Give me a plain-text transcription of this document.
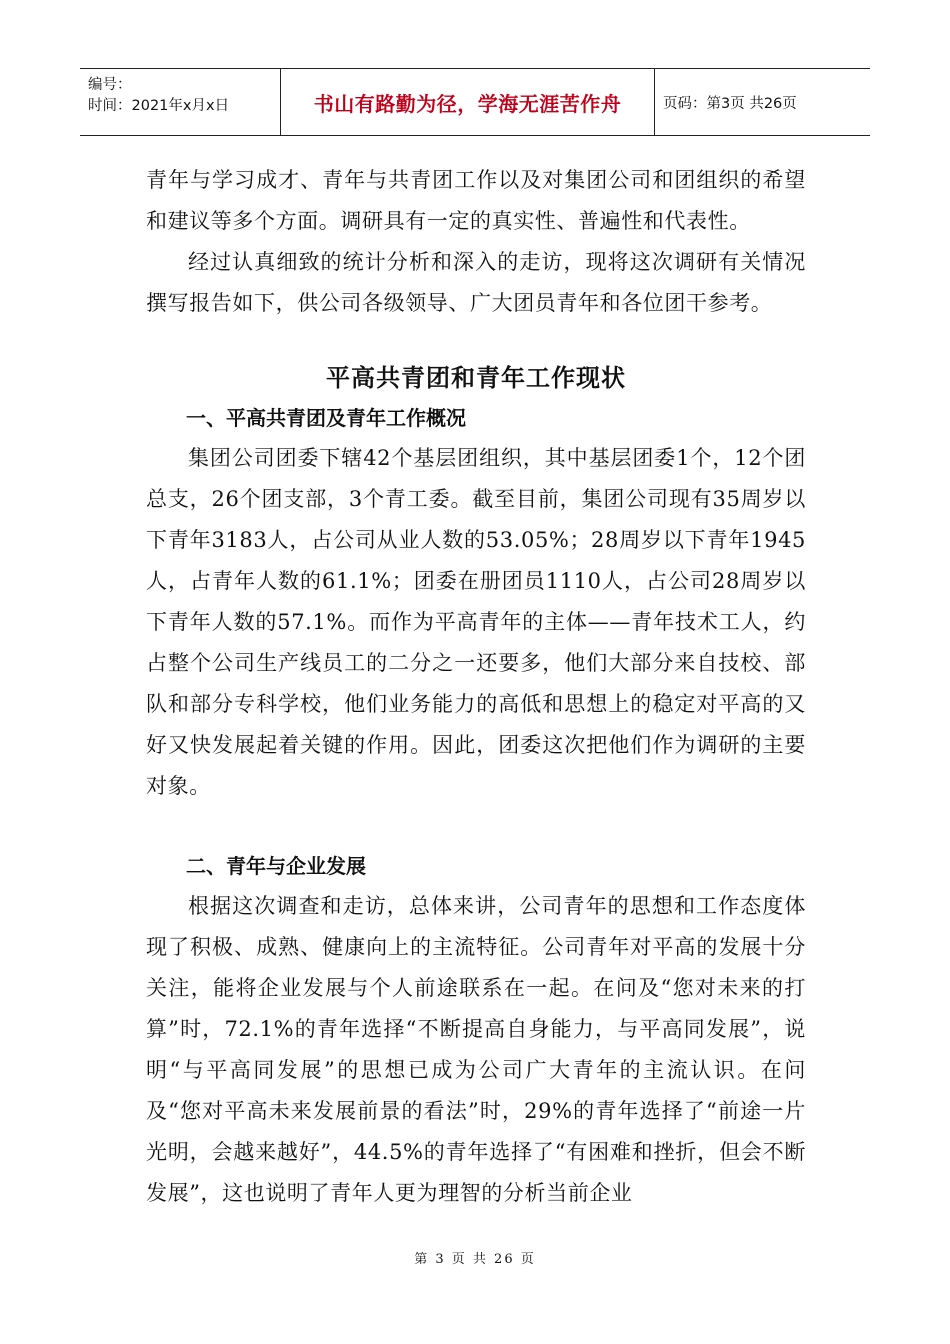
编号：
时间：2021年x月x日	书山有路勤为径，学海无涯苦作舟	页码：第3页 共26页

青年与学习成才、青年与共青团工作以及对集团公司和团组织的希望和建议等多个方面。调研具有一定的真实性、普遍性和代表性。

经过认真细致的统计分析和深入的走访，现将这次调研有关情况撰写报告如下，供公司各级领导、广大团员青年和各位团干参考。

平高共青团和青年工作现状
一、平高共青团及青年工作概况

集团公司团委下辖42个基层团组织，其中基层团委1个，12个团总支，26个团支部，3个青工委。截至目前，集团公司现有35周岁以下青年3183人，占公司从业人数的53.05%；28周岁以下青年1945人，占青年人数的61.1%；团委在册团员1110人，占公司28周岁以下青年人数的57.1%。而作为平高青年的主体——青年技术工人，约占整个公司生产线员工的二分之一还要多，他们大部分来自技校、部队和部分专科学校，他们业务能力的高低和思想上的稳定对平高的又好又快发展起着关键的作用。因此，团委这次把他们作为调研的主要对象。

二、青年与企业发展

根据这次调查和走访，总体来讲，公司青年的思想和工作态度体现了积极、成熟、健康向上的主流特征。公司青年对平高的发展十分关注，能将企业发展与个人前途联系在一起。在问及“您对未来的打算”时，72.1%的青年选择“不断提高自身能力，与平高同发展”，说明“与平高同发展”的思想已成为公司广大青年的主流认识。在问及“您对平高未来发展前景的看法”时，29%的青年选择了“前途一片光明，会越来越好”，44.5%的青年选择了“有困难和挫折，但会不断发展”，这也说明了青年人更为理智的分析当前企业

第 3 页 共 26 页
